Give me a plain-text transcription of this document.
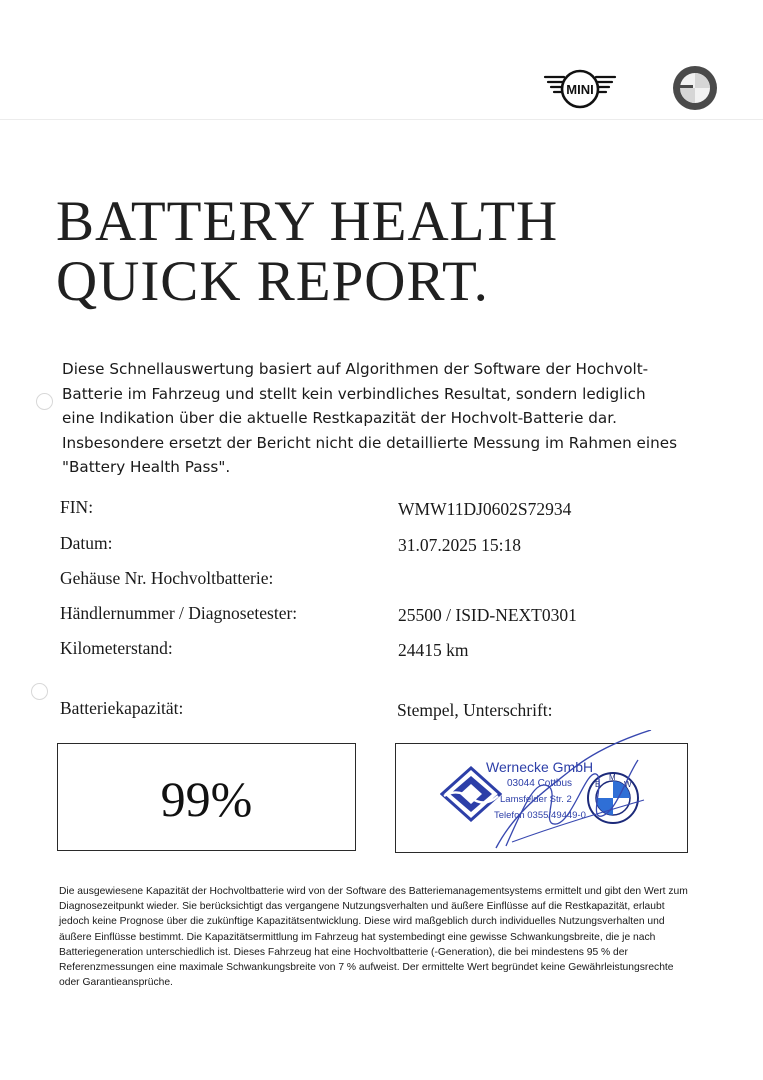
MINI
BATTERY HEALTH
QUICK REPORT.

Diese Schnellauswertung basiert auf Algorithmen der Software der Hochvolt-Batterie im Fahrzeug und stellt kein verbindliches Resultat, sondern lediglich eine Indikation über die aktuelle Restkapazität der Hochvolt-Batterie dar. Insbesondere ersetzt der Bericht nicht die detaillierte Messung im Rahmen eines "Battery Health Pass".

FIN:	WMW11DJ0602S72934
Datum:	31.07.2025 15:18
Gehäuse Nr. Hochvoltbatterie:
Händlernummer / Diagnosetester:	25500 / ISID-NEXT0301
Kilometerstand:	24415 km
Batteriekapazität:	Stempel, Unterschrift:
99%
Wernecke GmbH
03044 Cottbus
Lamsfelder Str. 2
Telefon 0355/49449-0
B
M
W

Die ausgewiesene Kapazität der Hochvoltbatterie wird von der Software des Batteriemanagementsystems ermittelt und gibt den Wert zum Diagnosezeitpunkt wieder. Sie berücksichtigt das vergangene Nutzungsverhalten und äußere Einflüsse auf die Restkapazität, erlaubt jedoch keine Prognose über die zukünftige Kapazitätsentwicklung. Diese wird maßgeblich durch individuelles Nutzungsverhalten und äußere Einflüsse bestimmt. Die Kapazitätsermittlung im Fahrzeug hat systembedingt eine gewisse Schwankungsbreite, die je nach Batteriegeneration unterschiedlich ist. Dieses Fahrzeug hat eine Hochvoltbatterie (-Generation), die bei mindestens 95 % der Referenzmessungen eine maximale Schwankungsbreite von 7 % aufweist. Der ermittelte Wert begründet keine Gewährleistungsrechte oder Garantieansprüche.
